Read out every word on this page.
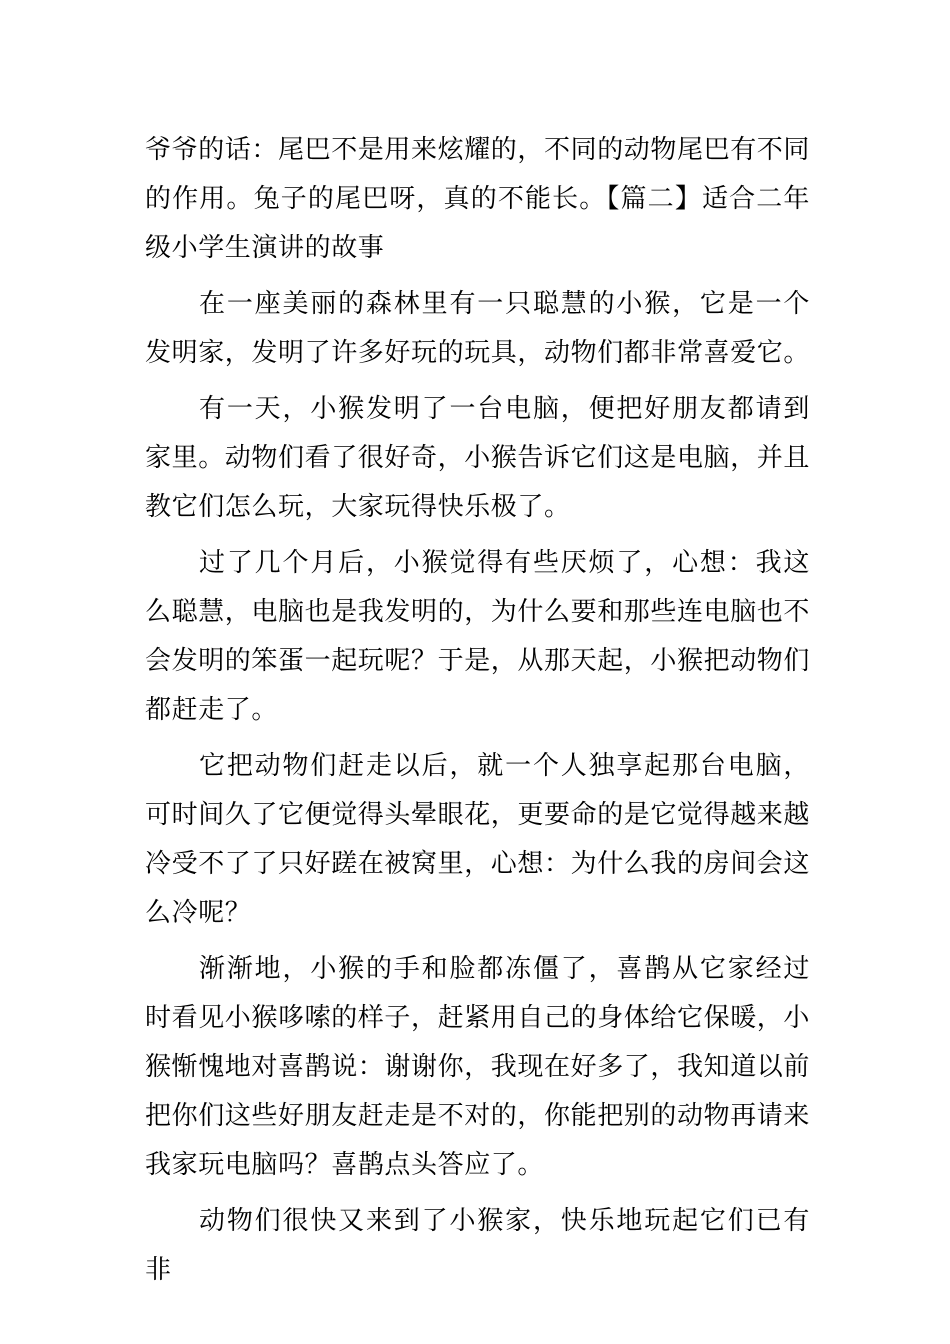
爷爷的话：尾巴不是用来炫耀的，不同的动物尾巴有不同的作用。兔子的尾巴呀，真的不能长。【篇二】适合二年级小学生演讲的故事

在一座美丽的森林里有一只聪慧的小猴，它是一个发明家，发明了许多好玩的玩具，动物们都非常喜爱它。

有一天，小猴发明了一台电脑，便把好朋友都请到家里。动物们看了很好奇，小猴告诉它们这是电脑，并且教它们怎么玩，大家玩得快乐极了。

过了几个月后，小猴觉得有些厌烦了，心想：我这么聪慧，电脑也是我发明的，为什么要和那些连电脑也不会发明的笨蛋一起玩呢？于是，从那天起，小猴把动物们都赶走了。

它把动物们赶走以后，就一个人独享起那台电脑，可时间久了它便觉得头晕眼花，更要命的是它觉得越来越冷受不了了只好蹉在被窝里，心想：为什么我的房间会这么冷呢？

渐渐地，小猴的手和脸都冻僵了，喜鹊从它家经过时看见小猴哆嗦的样子，赶紧用自己的身体给它保暖，小猴惭愧地对喜鹊说：谢谢你，我现在好多了，我知道以前把你们这些好朋友赶走是不对的，你能把别的动物再请来我家玩电脑吗？喜鹊点头答应了。

动物们很快又来到了小猴家，快乐地玩起它们已有非
